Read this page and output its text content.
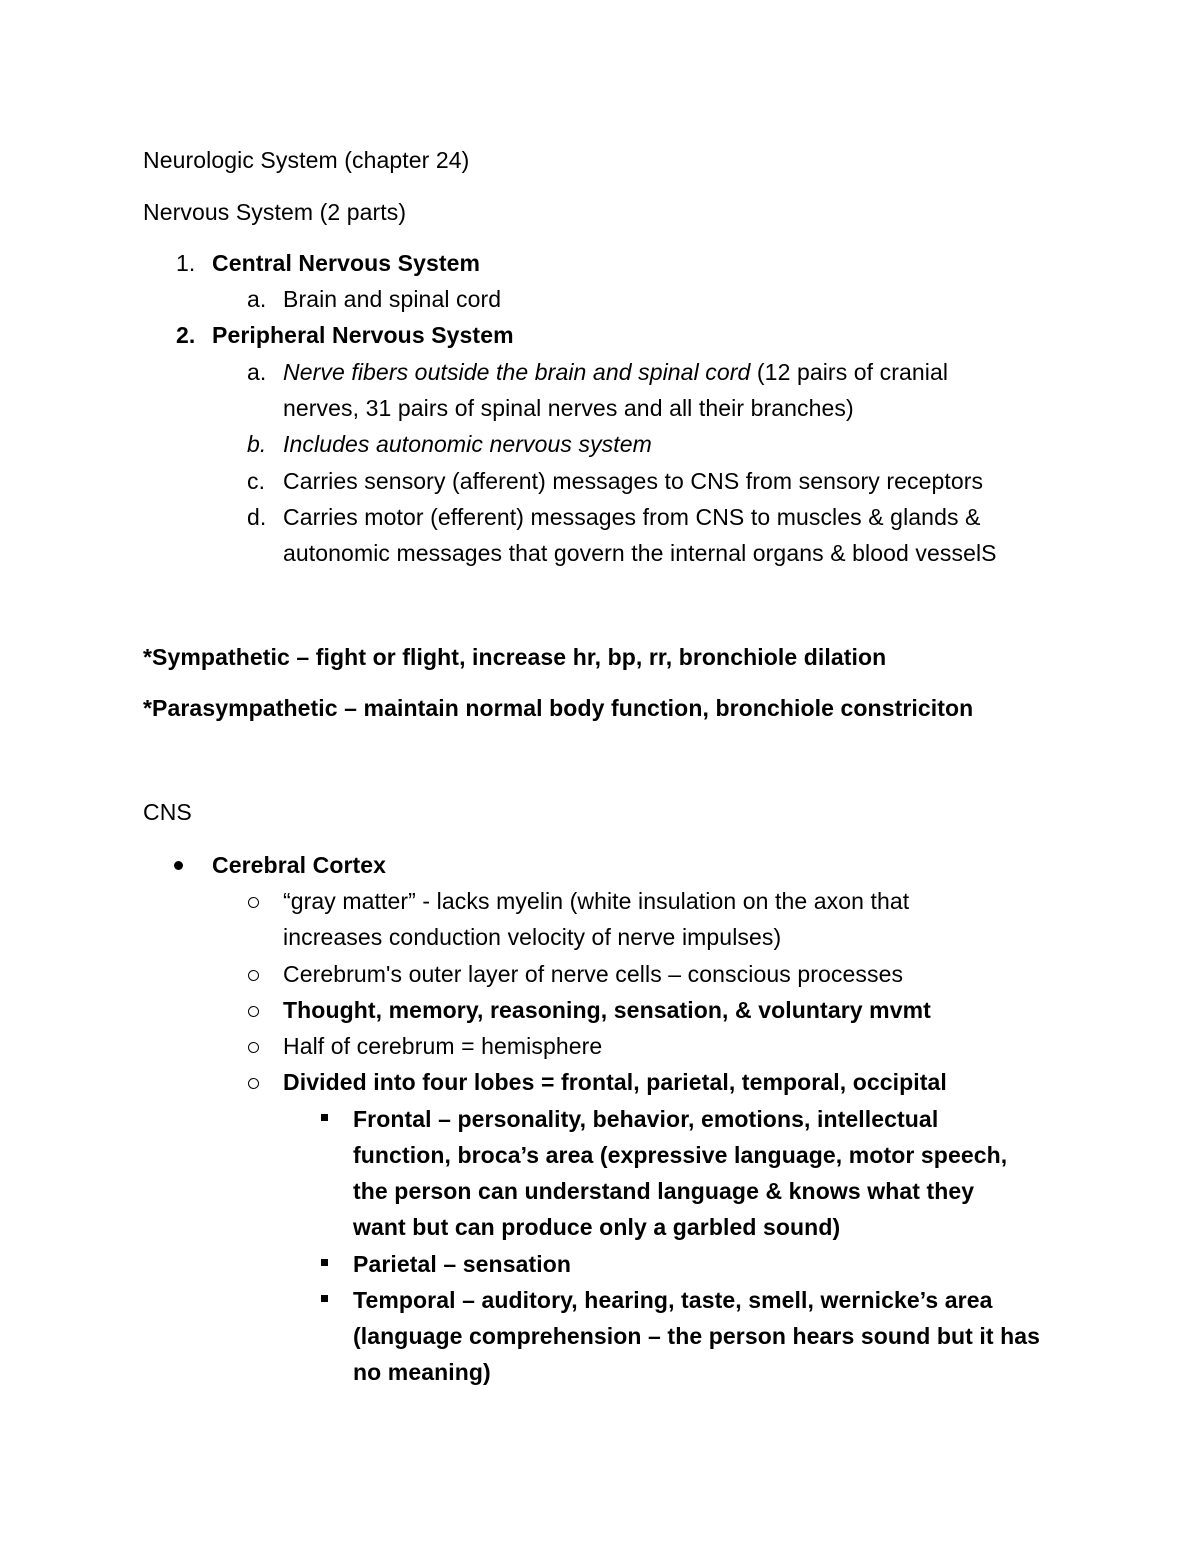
Neurologic System (chapter 24)
Nervous System (2 parts)
1. Central Nervous System
a. Brain and spinal cord
2. Peripheral Nervous System
a. Nerve fibers outside the brain and spinal cord (12 pairs of cranial
nerves, 31 pairs of spinal nerves and all their branches)
b. Includes autonomic nervous system
c. Carries sensory (afferent) messages to CNS from sensory receptors
d. Carries motor (efferent) messages from CNS to muscles & glands &
autonomic messages that govern the internal organs & blood vesselS
*Sympathetic – fight or flight, increase hr, bp, rr, bronchiole dilation
*Parasympathetic – maintain normal body function, bronchiole constriciton
CNS
Cerebral Cortex
“gray matter” - lacks myelin (white insulation on the axon that
increases conduction velocity of nerve impulses)
Cerebrum's outer layer of nerve cells – conscious processes
Thought, memory, reasoning, sensation, & voluntary mvmt
Half of cerebrum = hemisphere
Divided into four lobes = frontal, parietal, temporal, occipital
Frontal – personality, behavior, emotions, intellectual
function, broca’s area (expressive language, motor speech,
the person can understand language & knows what they
want but can produce only a garbled sound)
Parietal – sensation
Temporal – auditory, hearing, taste, smell, wernicke’s area
(language comprehension – the person hears sound but it has
no meaning)
